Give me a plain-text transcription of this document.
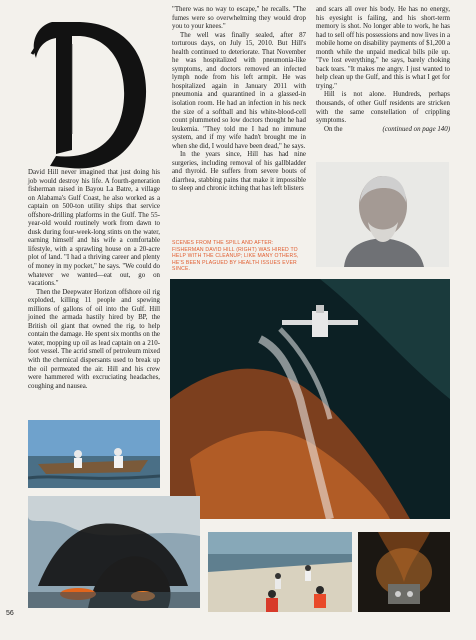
David Hill never imagined that just doing his job would destroy his life. A fourth-generation fisherman raised in Bayou La Batre, a village on Alabama's Gulf Coast, he also worked as a captain on 500-ton utility ships that service offshore-drilling platforms in the Gulf. The 55-year-old would routinely work from dawn to dusk during four-week-long stints on the water, earning himself and his wife a comfortable lifestyle, with a sprawling house on a 20-acre plot of land. "I had a thriving career and plenty of money in my pocket," he says. "We could do whatever we wanted—eat out, go on vacations."

Then the Deepwater Horizon offshore oil rig exploded, killing 11 people and spewing millions of gallons of oil into the Gulf. Hill joined the armada hastily hired by BP, the British oil giant that owned the rig, to help contain the damage. He spent six months on the water, mopping up oil as lead captain on a 210-foot vessel. The acrid smell of petroleum mixed with the chemical dispersants used to break up the oil permeated the air. Hill and his crew were hammered with excruciating headaches, coughing and nausea.

"There was no way to escape," he recalls. "The fumes were so overwhelming they would drop you to your knees."

The well was finally sealed, after 87 torturous days, on July 15, 2010. But Hill's health continued to deteriorate. That November he was hospitalized with pneumonia-like symptoms, and doctors removed an infected lymph node from his left armpit. He was hospitalized again in January 2011 with pneumonia and quarantined in a glassed-in isolation room. He had an infection in his neck the size of a softball and his white-blood-cell count plummeted so low doctors thought he had leukemia. "They told me I had no immune system, and if my wife hadn't brought me in when she did, I would have been dead," he says.

In the years since, Hill has had nine surgeries, including removal of his gallbladder and thyroid. He suffers from severe bouts of diarrhea, stabbing pains that make it impossible to sleep and chronic itching that has left blisters

SCENES FROM THE SPILL AND AFTER: FISHERMAN DAVID HILL (RIGHT) WAS HIRED TO HELP WITH THE CLEANUP; LIKE MANY OTHERS, HE'S BEEN PLAGUED BY HEALTH ISSUES EVER SINCE.

and scars all over his body. He has no energy, his eyesight is failing, and his short-term memory is shot. No longer able to work, he has had to sell off his possessions and now lives in a mobile home on disability payments of $1,200 a month while the unpaid medical bills pile up. "I've lost everything," he says, barely choking back tears. "It makes me angry. I just wanted to help clean up the Gulf, and this is what I get for trying."

Hill is not alone. Hundreds, perhaps thousands, of other Gulf residents are stricken with the same constellation of crippling symptoms.

On the	(continued on page 140)

56
